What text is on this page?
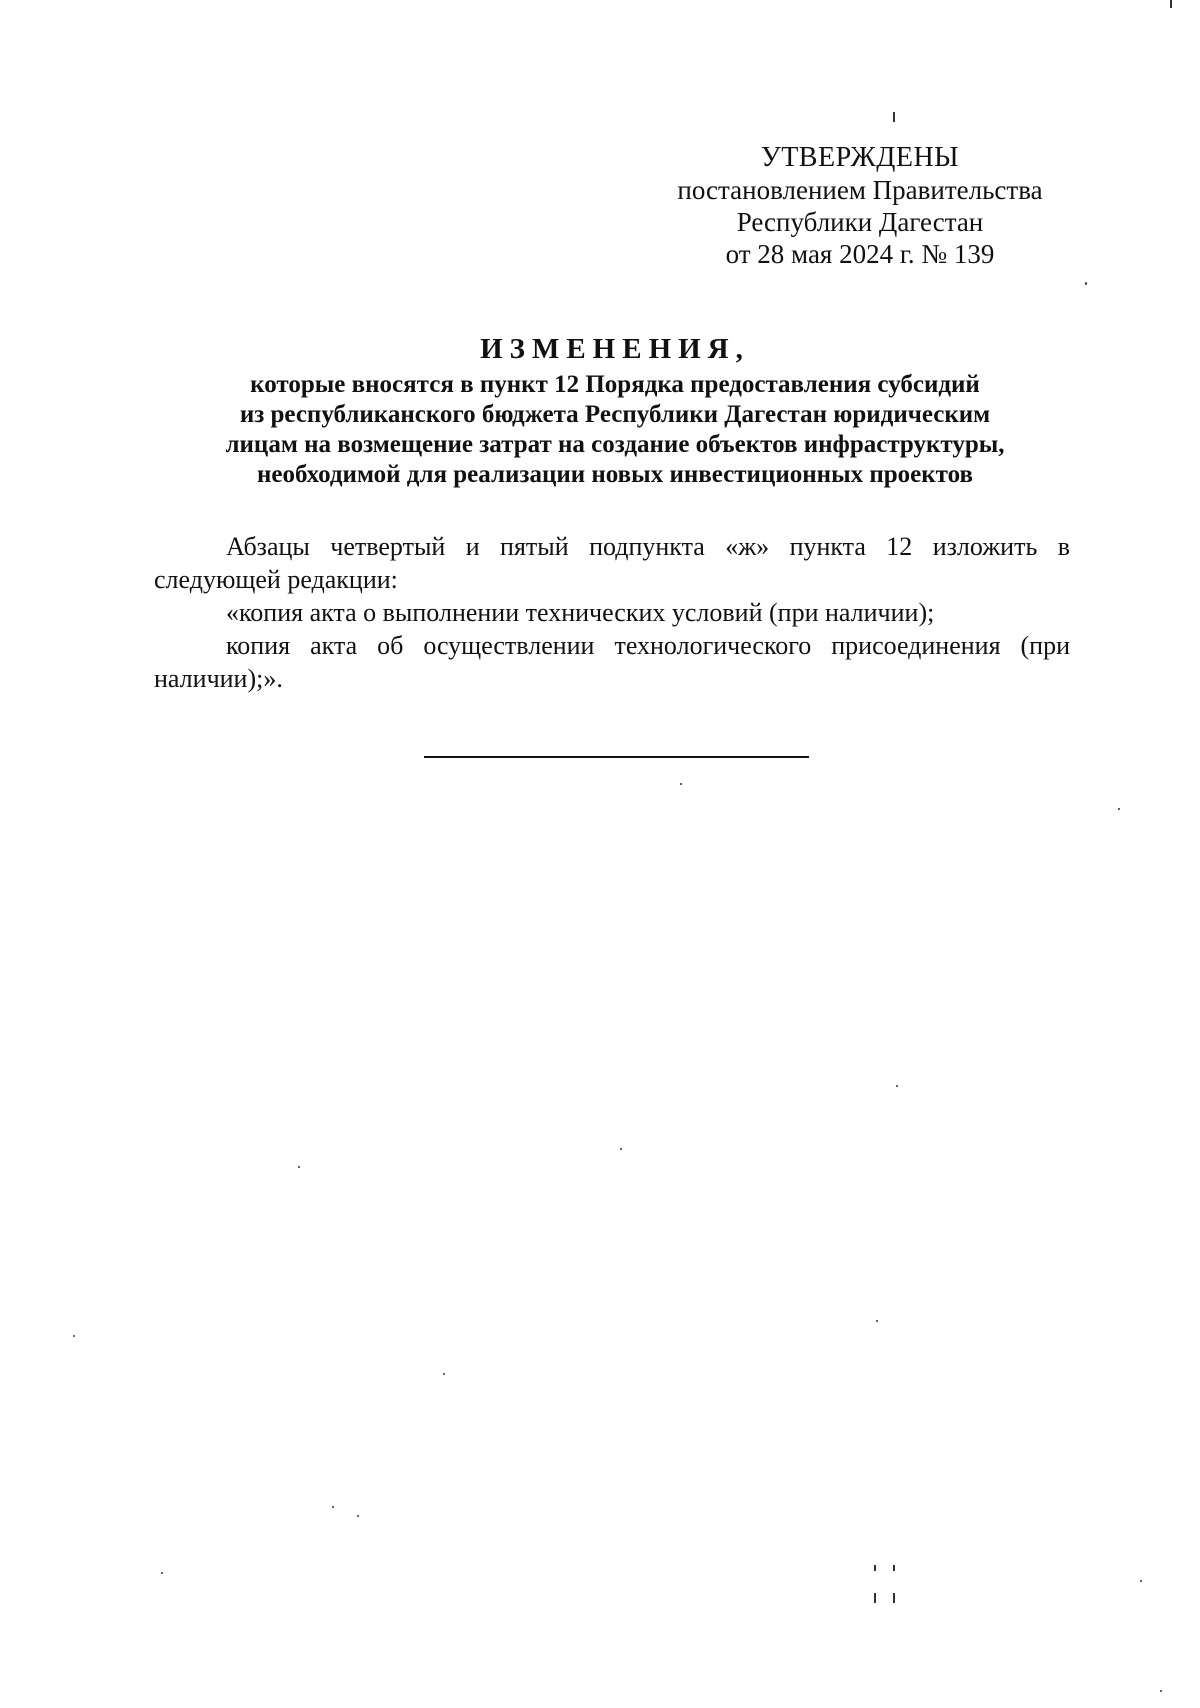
УТВЕРЖДЕНЫ
постановлением Правительства
Республики Дагестан
от 28 мая 2024 г. № 139
ИЗМЕНЕНИЯ,
которые вносятся в пункт 12 Порядка предоставления субсидий
из республиканского бюджета Республики Дагестан юридическим
лицам на возмещение затрат на создание объектов инфраструктуры,
необходимой для реализации новых инвестиционных проектов

Абзацы четвертый и пятый подпункта «ж» пункта 12 изложить в следующей редакции:

«копия акта о выполнении технических условий (при наличии);

копия акта об осуществлении технологического присоединения (при наличии);».
